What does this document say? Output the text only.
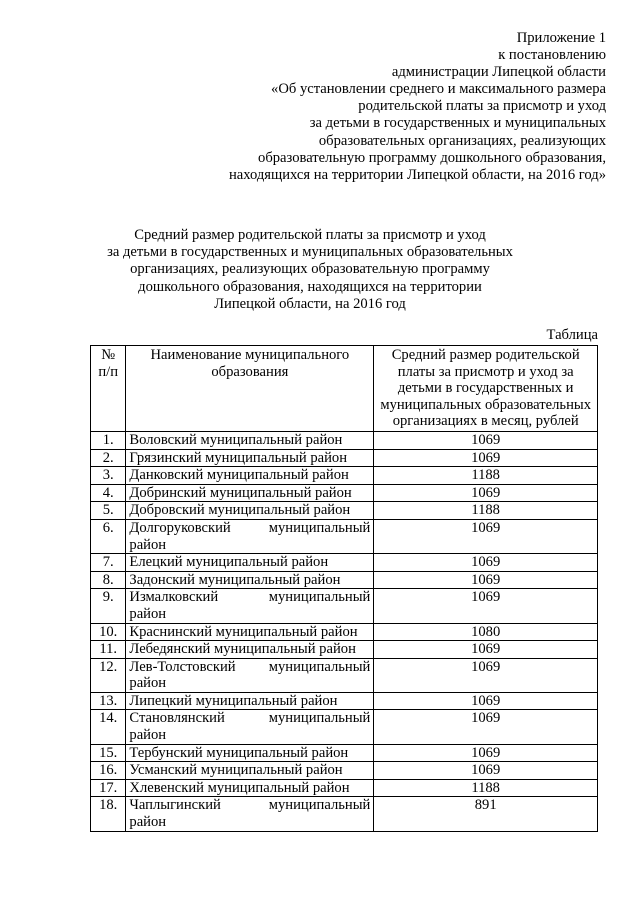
Приложение 1
к постановлению
администрации Липецкой области
«Об установлении среднего и максимального размера
родительской платы за присмотр и уход
за детьми в государственных и муниципальных
образовательных организациях, реализующих
образовательную программу дошкольного образования,
находящихся на территории Липецкой области, на 2016 год»
Средний размер родительской платы за присмотр и уход
за детьми в государственных и муниципальных образовательных
организациях, реализующих образовательную программу
дошкольного образования, находящихся на территории
Липецкой области, на 2016 год
Таблица
№ п/п	Наименование муниципального образования	Средний размер родительской платы за присмотр и уход за детьми в государственных и муниципальных образовательных организациях в месяц, рублей
1.	Воловский муниципальный район	1069
2.	Грязинский муниципальный район	1069
3.	Данковский муниципальный район	1188
4.	Добринский муниципальный район	1069
5.	Добровский муниципальный район	1188
6.	Долгоруковский муниципальный
район	1069
7.	Елецкий муниципальный район	1069
8.	Задонский муниципальный район	1069
9.	Измалковский муниципальный
район	1069
10.	Краснинский муниципальный район	1080
11.	Лебедянский муниципальный район	1069
12.	Лев-Толстовский муниципальный
район	1069
13.	Липецкий муниципальный район	1069
14.	Становлянский муниципальный
район	1069
15.	Тербунский муниципальный район	1069
16.	Усманский муниципальный район	1069
17.	Хлевенский муниципальный район	1188
18.	Чаплыгинский муниципальный
район	891
